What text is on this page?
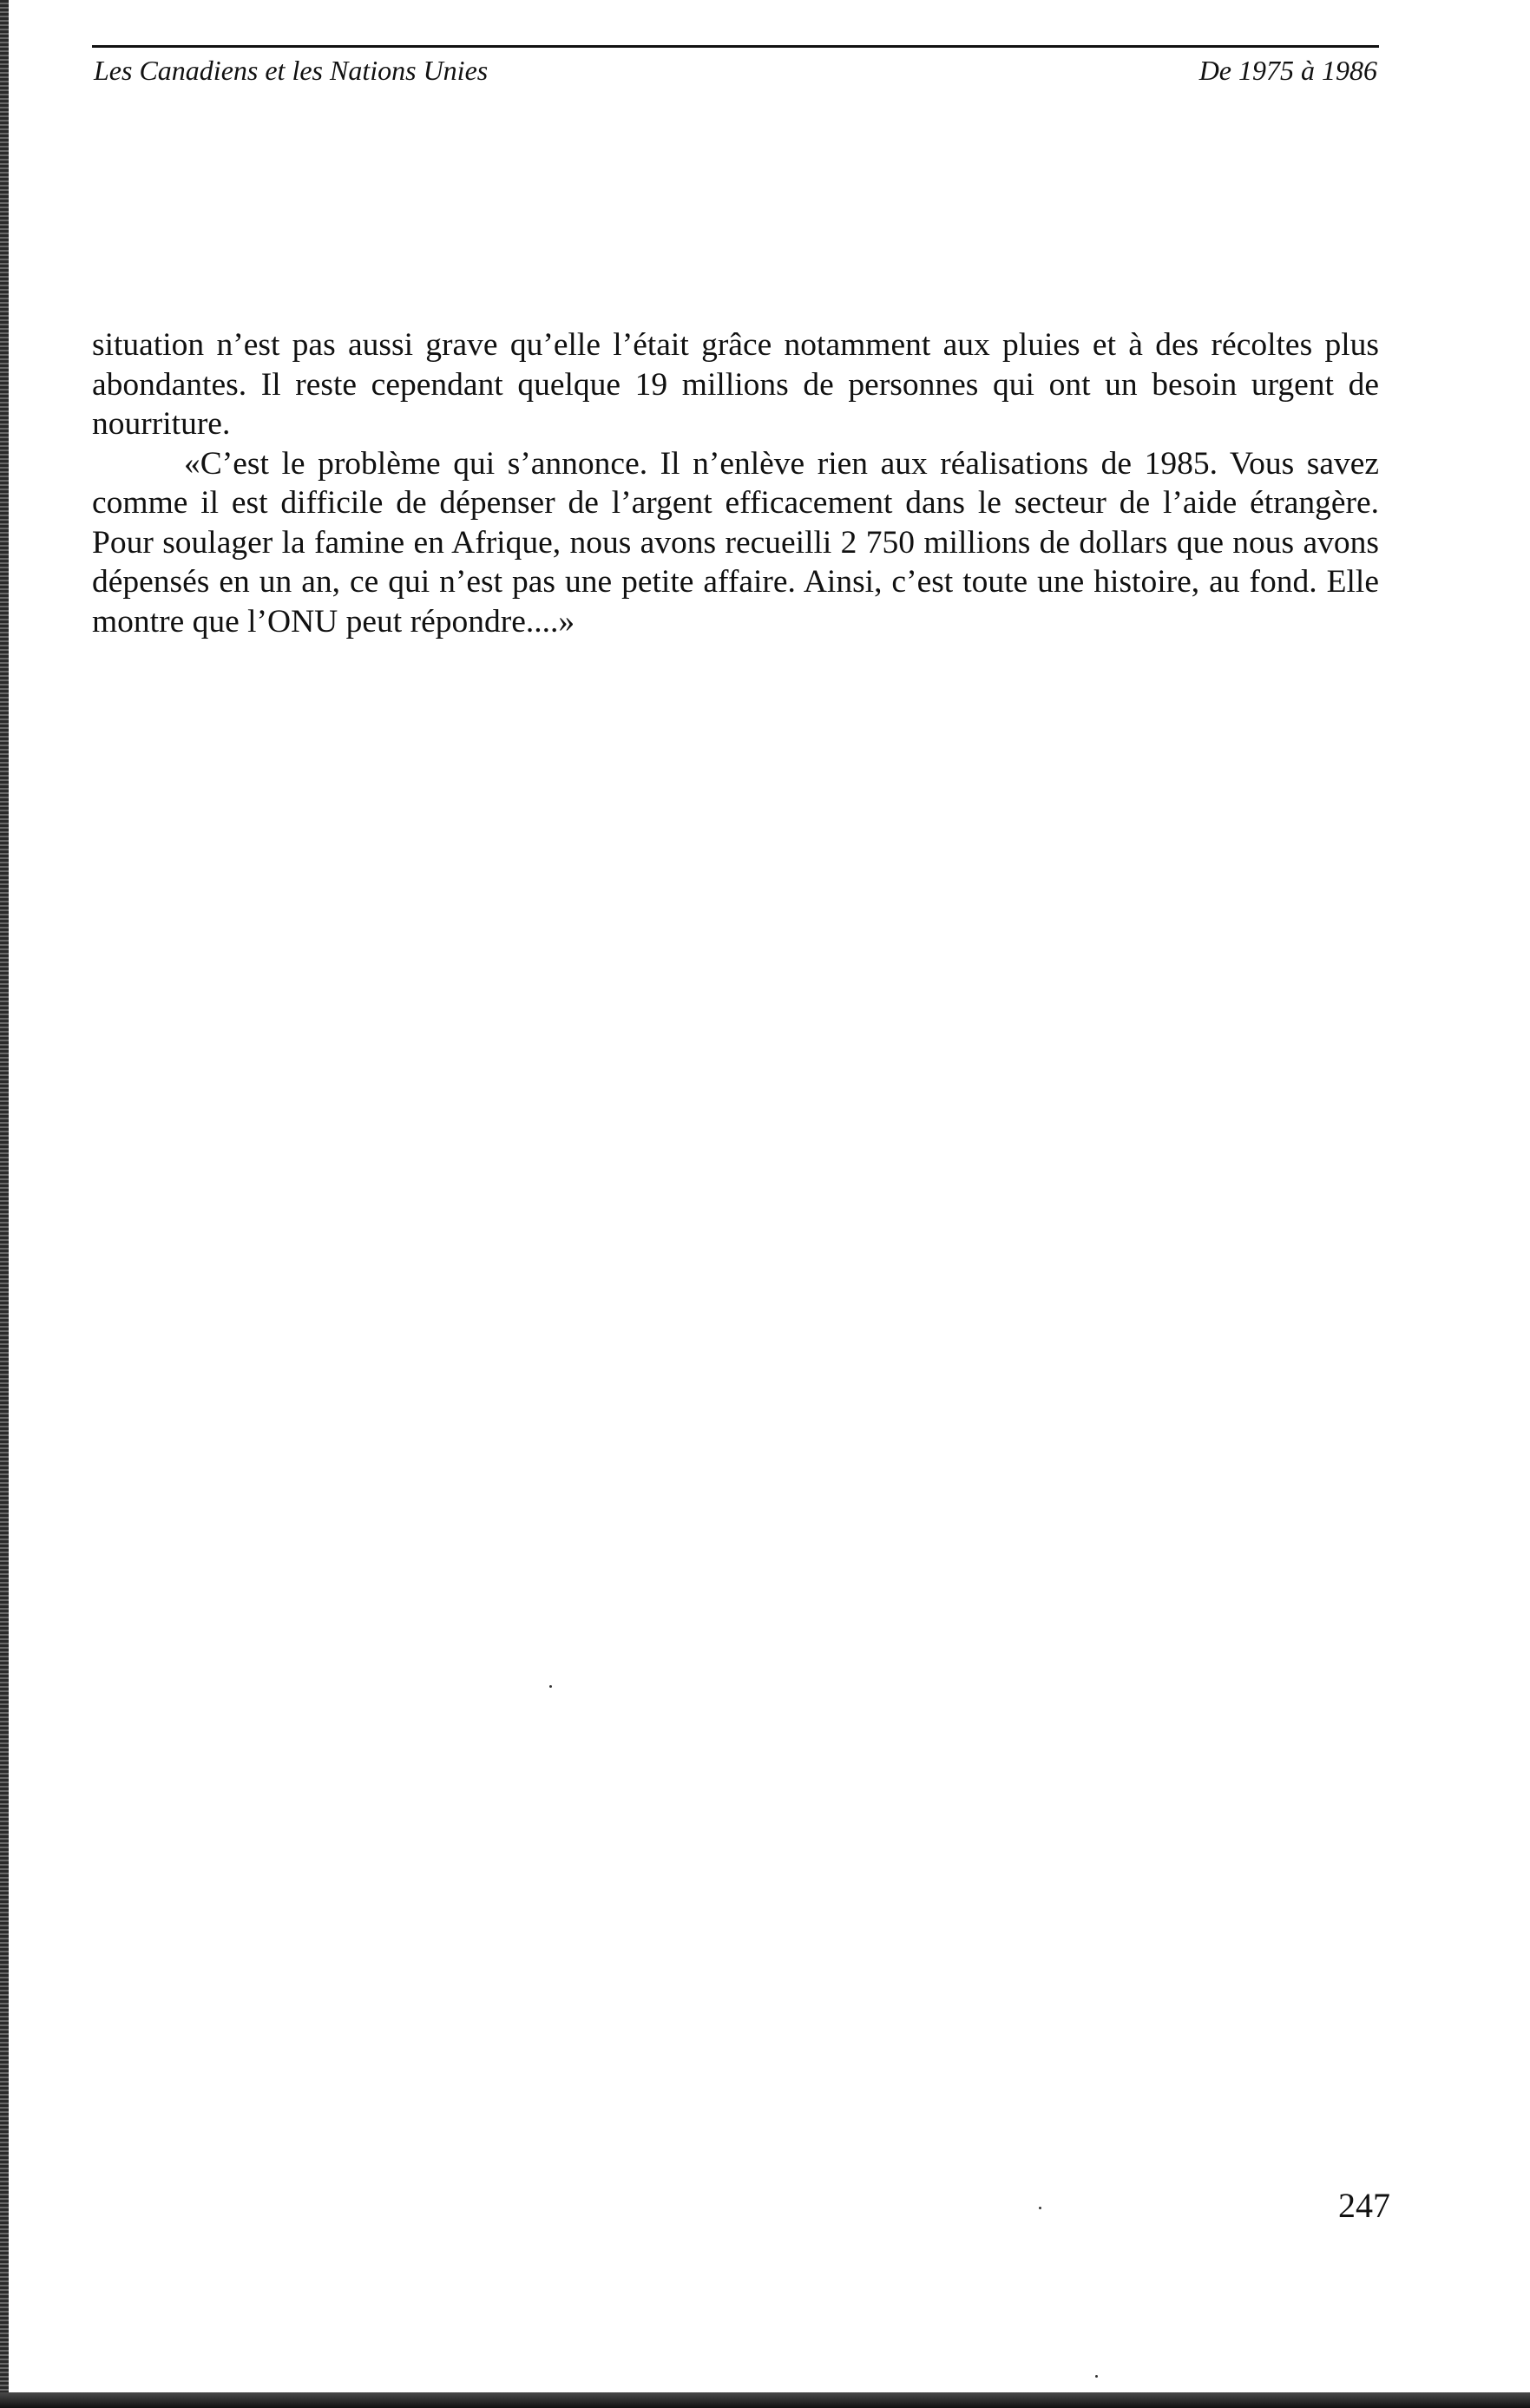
Les Canadiens et les Nations Unies	De 1975 à 1986

situation n’est pas aussi grave qu’elle l’était grâce notamment aux pluies et à des récoltes plus abondantes. Il reste cependant quelque 19 millions de personnes qui ont un besoin urgent de nourriture.

«C’est le problème qui s’annonce. Il n’enlève rien aux réalisations de 1985. Vous savez comme il est difficile de dépenser de l’argent efficacement dans le secteur de l’aide étrangère. Pour soulager la famine en Afrique, nous avons recueilli 2 750 millions de dollars que nous avons dépensés en un an, ce qui n’est pas une petite affaire. Ainsi, c’est toute une histoire, au fond. Elle montre que l’ONU peut répondre....»

247
